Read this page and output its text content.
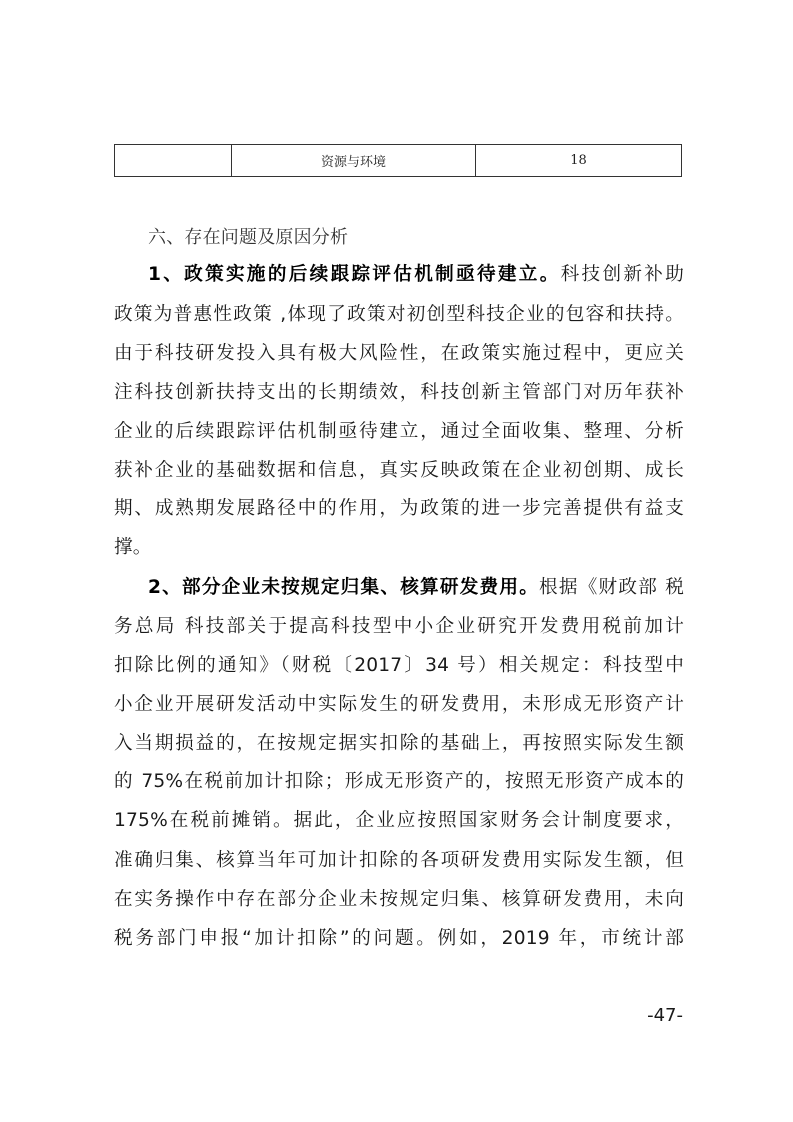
资源与环境	18
六、存在问题及原因分析
1、政策实施的后续跟踪评估机制亟待建立。科技创新补助
政策为普惠性政策 ,体现了政策对初创型科技企业的包容和扶持。
由于科技研发投入具有极大风险性，在政策实施过程中，更应关
注科技创新扶持支出的长期绩效，科技创新主管部门对历年获补
企业的后续跟踪评估机制亟待建立，通过全面收集、整理、分析
获补企业的基础数据和信息，真实反映政策在企业初创期、成长
期、成熟期发展路径中的作用，为政策的进一步完善提供有益支
撑。
2、部分企业未按规定归集、核算研发费用。根据《财政部 税
务总局 科技部关于提高科技型中小企业研究开发费用税前加计
扣除比例的通知》（财税〔2017〕34 号）相关规定：科技型中
小企业开展研发活动中实际发生的研发费用，未形成无形资产计
入当期损益的，在按规定据实扣除的基础上，再按照实际发生额
的 75%在税前加计扣除；形成无形资产的，按照无形资产成本的
175%在税前摊销。据此，企业应按照国家财务会计制度要求，
准确归集、核算当年可加计扣除的各项研发费用实际发生额，但
在实务操作中存在部分企业未按规定归集、核算研发费用，未向
税务部门申报“加计扣除”的问题。例如，2019 年，市统计部
-47-
